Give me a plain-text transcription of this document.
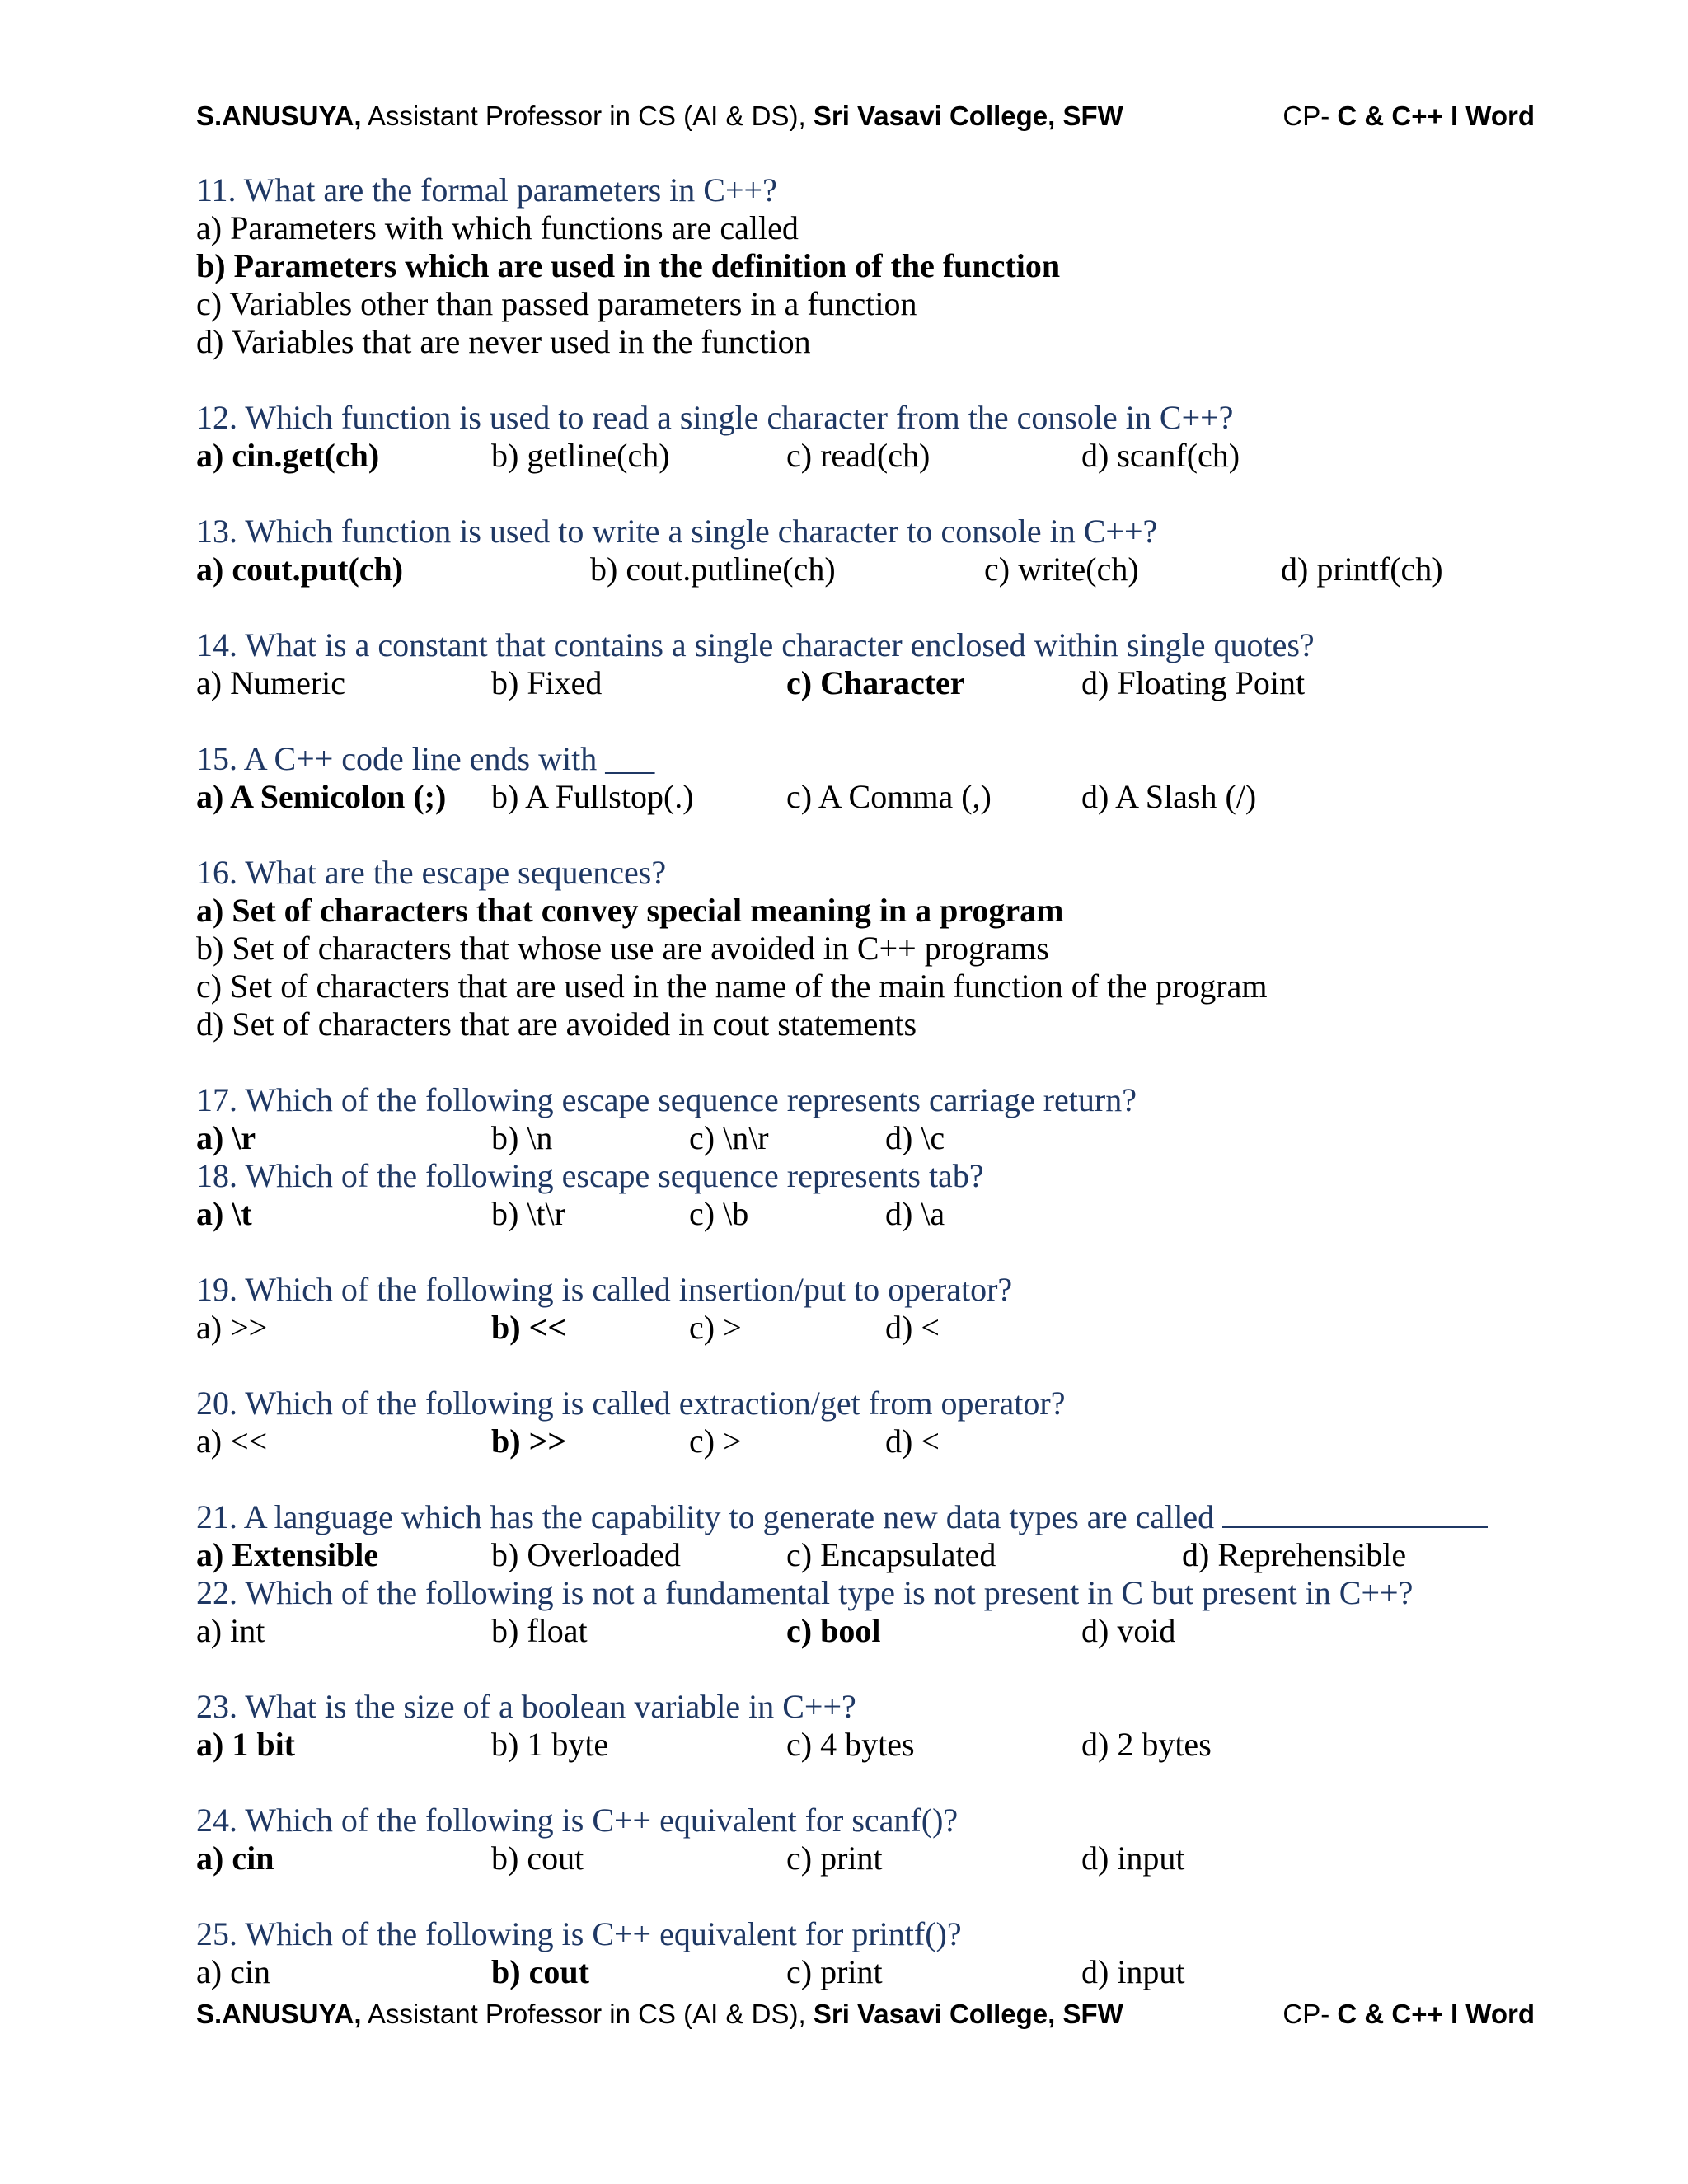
S.ANUSUYA, Assistant Professor in CS (AI & DS), Sri Vasavi College, SFW	CP- C & C++ I Word
11. What are the formal parameters in C++?
a) Parameters with which functions are called
b) Parameters which are used in the definition of the function
c) Variables other than passed parameters in a function
d) Variables that are never used in the function
12. Which function is used to read a single character from the console in C++?
a) cin.get(ch)	b) getline(ch)	c) read(ch)	d) scanf(ch)
13. Which function is used to write a single character to console in C++?
a) cout.put(ch)	b) cout.putline(ch)	c) write(ch)	d) printf(ch)
14. What is a constant that contains a single character enclosed within single quotes?
a) Numeric	b) Fixed	c) Character	d) Floating Point
15. A C++ code line ends with ___
a) A Semicolon (;) b) A Fullstop(.)	c) A Comma (,)	d) A Slash (/)
16. What are the escape sequences?
a) Set of characters that convey special meaning in a program
b) Set of characters that whose use are avoided in C++ programs
c) Set of characters that are used in the name of the main function of the program
d) Set of characters that are avoided in cout statements
17. Which of the following escape sequence represents carriage return?
a) \r	b) \n	c) \n\r	d) \c
18. Which of the following escape sequence represents tab?
a) \t	b) \t\r	c) \b	d) \a
19. Which of the following is called insertion/put to operator?
a) >>	b) <<	c) >	d) <
20. Which of the following is called extraction/get from operator?
a) <<	b) >>	c) >	d) <
21. A language which has the capability to generate new data types are called
a) Extensible	b) Overloaded	c) Encapsulated	d) Reprehensible
22. Which of the following is not a fundamental type is not present in C but present in C++?
a) int	b) float	c) bool	d) void
23. What is the size of a boolean variable in C++?
a) 1 bit	b) 1 byte	c) 4 bytes	d) 2 bytes
24. Which of the following is C++ equivalent for scanf()?
a) cin	b) cout	c) print	d) input
25. Which of the following is C++ equivalent for printf()?
a) cin	b) cout	c) print	d) input
S.ANUSUYA, Assistant Professor in CS (AI & DS), Sri Vasavi College, SFW	CP- C & C++ I Word
